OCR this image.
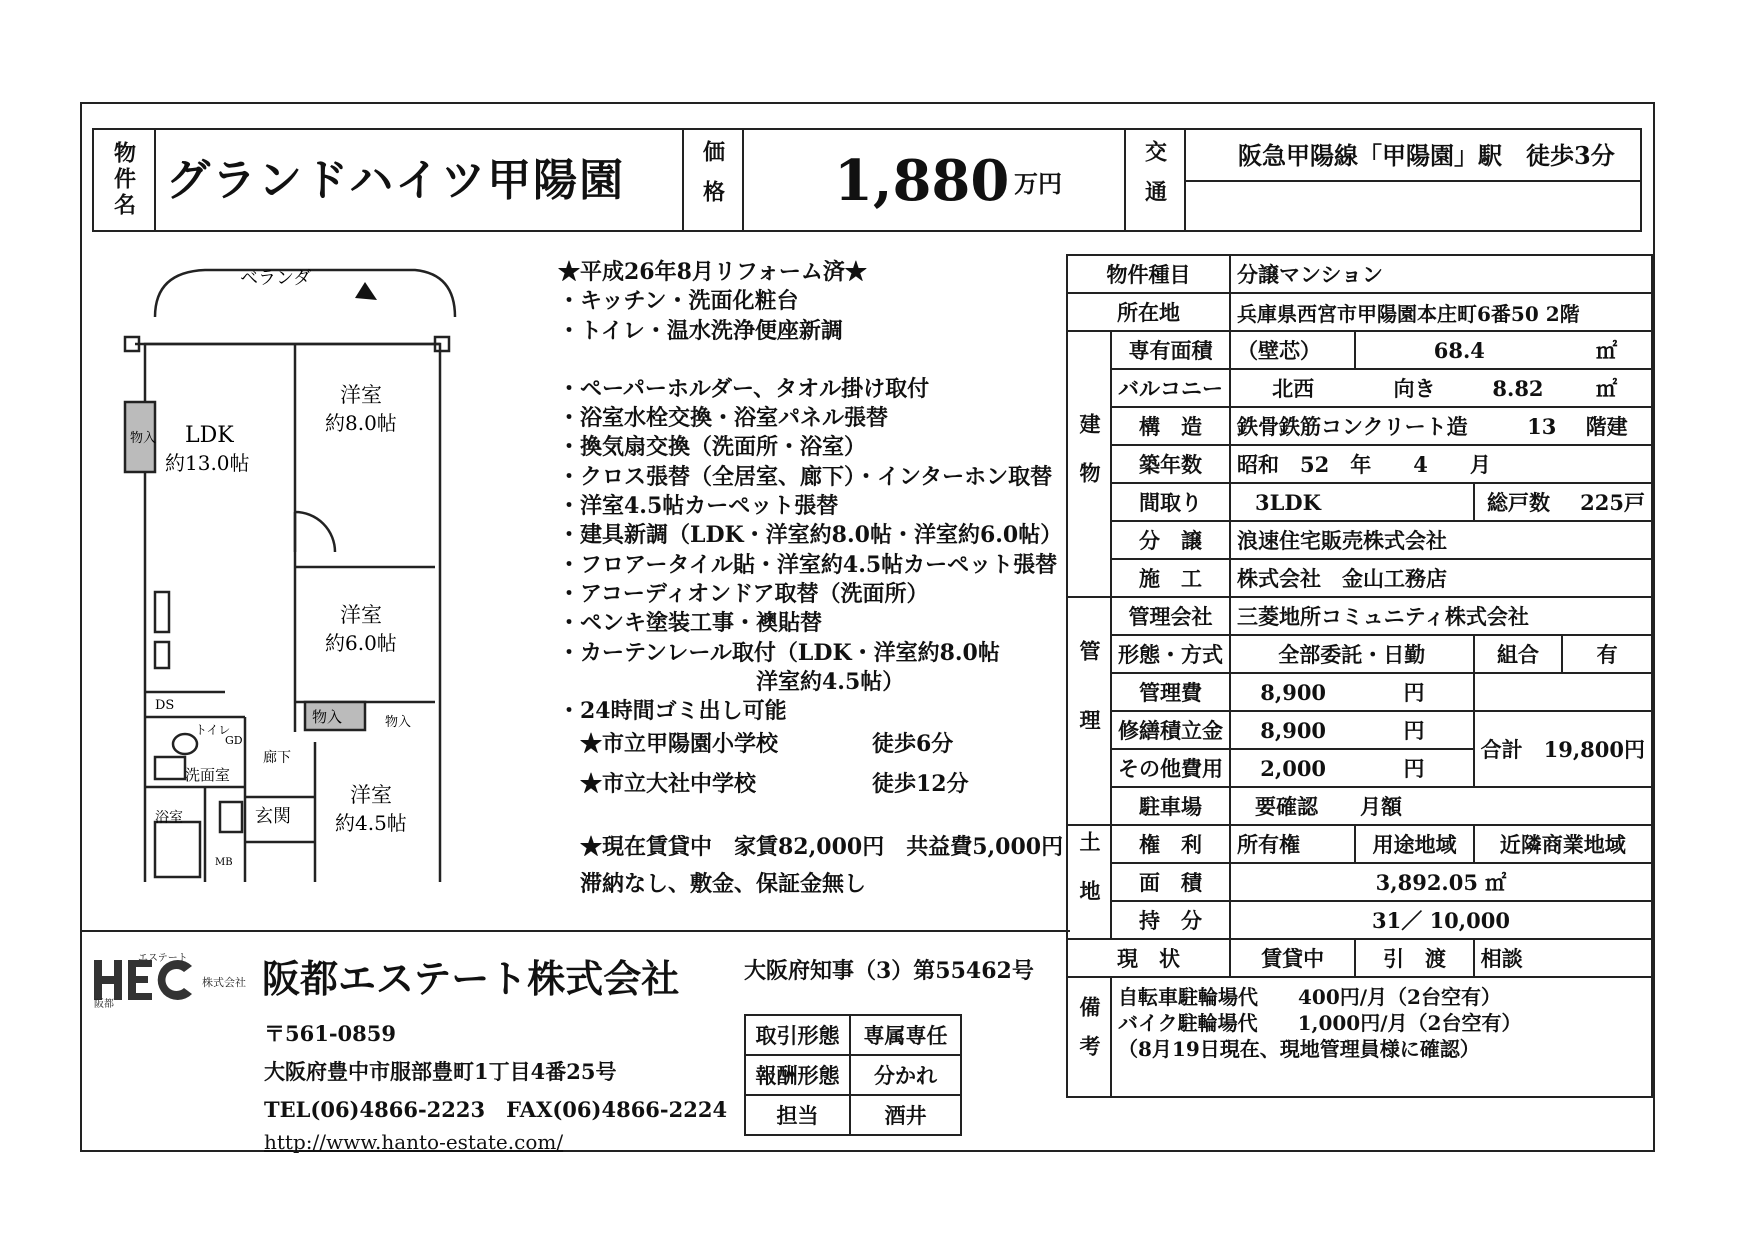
物件名 グランドハイツ甲陽園	価格 1,880 万円	交通	阪急甲陽線「甲陽園」駅　徒歩3分
ベランダ
LDK
約13.0帖
洋室
約8.0帖
洋室
約6.0帖
洋室
約4.5帖
物入
物入	物入
DS
トイレ
GD
洗面室
浴室
廊下
玄関
MB
★平成26年8月リフォーム済★
・キッチン・洗面化粧台
・トイレ・温水洗浄便座新調
・ペーパーホルダー、タオル掛け取付
・浴室水栓交換・浴室パネル張替
・換気扇交換（洗面所・浴室）
・クロス張替（全居室、廊下）・インターホン取替
・洋室4.5帖カーペット張替
・建具新調（LDK・洋室約8.0帖・洋室約6.0帖）
・フロアータイル貼・洋室約4.5帖カーペット張替
・アコーディオンドア取替（洗面所）
・ペンキ塗装工事・襖貼替
・カーテンレール取付（LDK・洋室約8.0帖
　　　　　　　　　洋室約4.5帖）
・24時間ゴミ出し可能
★市立甲陽園小学校	徒歩6分
★市立大社中学校	徒歩12分
★現在賃貸中　家賃82,000円　共益費5,000円
滞納なし、敷金、保証金無し
物件種目		分譲マンション			
所在地		兵庫県西宮市甲陽園本庄町6番50 2階			
建物	専有面積	（壁芯）	68.4		㎡
	バルコニー	北西	向き	8.82	㎡
	構　造	鉄骨鉄筋コンクリート造		13	階建
	築年数	昭和　52　年　　4　　月			
	間取り	3LDK		総戸数	225戸
	分　譲	浪速住宅販売株式会社			
	施　工	株式会社　金山工務店			
管理	管理会社	三菱地所コミュニティ株式会社			
	形態・方式	全部委託・日勤		組合	有
	管理費	8,900	円		
	修繕積立金	8,900	円	合計　19,800円	
	その他費用	2,000	円		
	駐車場	要確認　　月額			
土地	権　利	所有権	用途地域	近隣商業地域	
	面　積	3,892.05 ㎡			
	持　分	31／ 10,000			
現　状		賃貸中	引　渡	相談	
備考	自転車駐輪場代　　400円/月（2台空有）
バイク駐輪場代　　1,000円/月（2台空有）
（8月19日現在、現地管理員様に確認）				
エステート
株式会社
阪都
HEC
阪都エステート株式会社	大阪府知事（3）第55462号
〒561-0859
大阪府豊中市服部豊町1丁目4番25号
TEL(06)4866-2223　FAX(06)4866-2224
http://www.hanto-estate.com/
取引形態	専属専任
報酬形態	分かれ
担当	酒井
